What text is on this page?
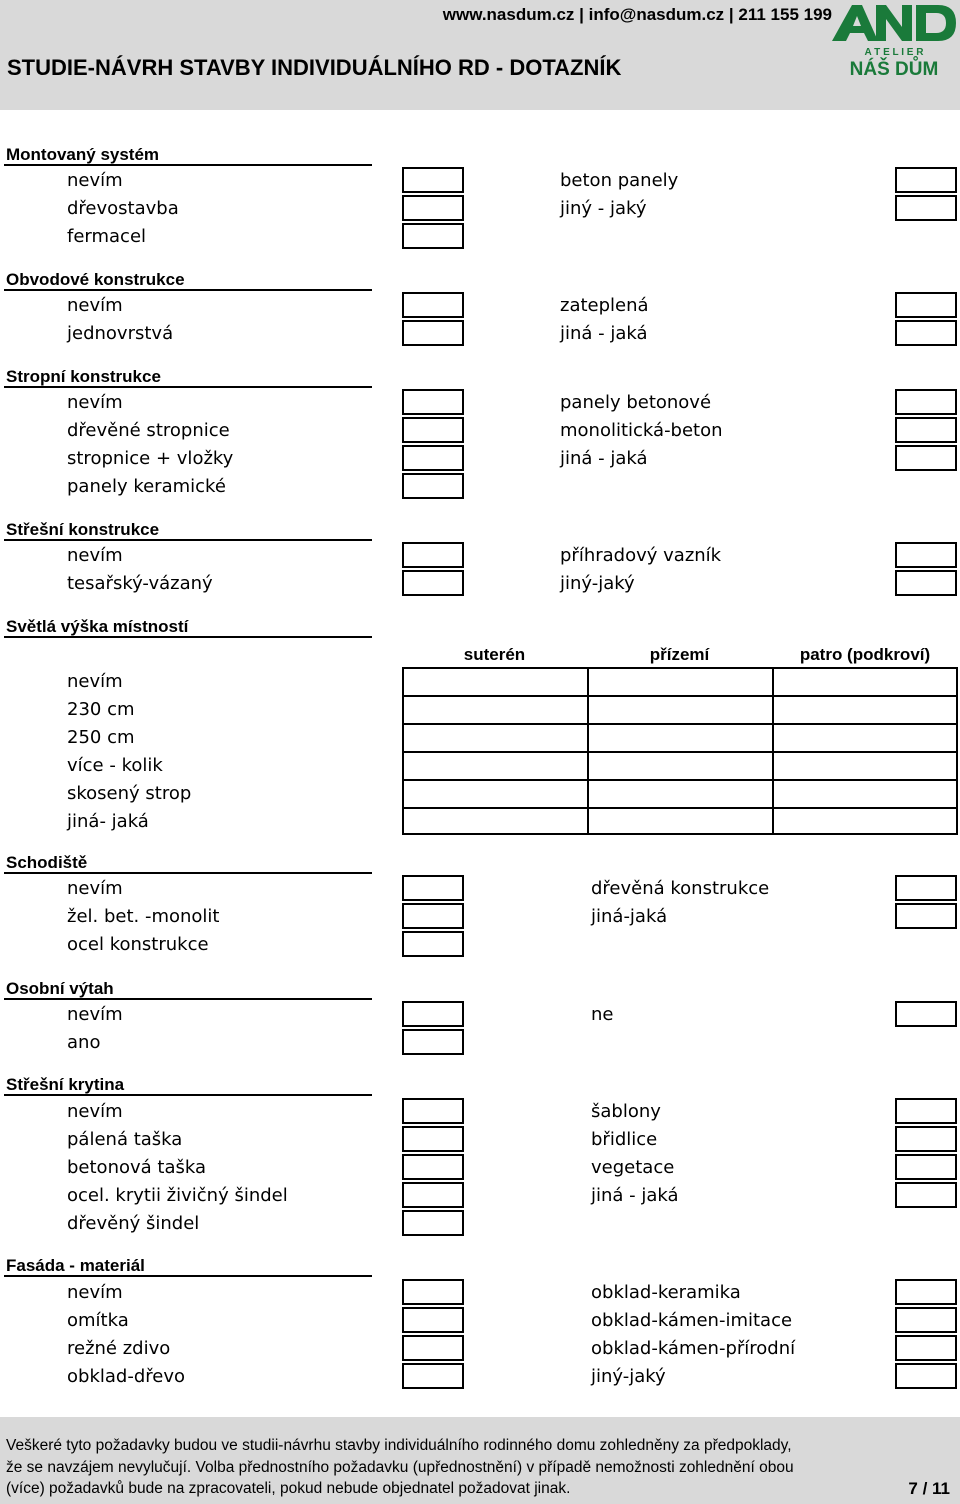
www.nasdum.cz | info@nasdum.cz | 211 155 199
STUDIE-NÁVRH STAVBY INDIVIDUÁLNÍHO RD - DOTAZNÍK
A T E L I E R
NÁŠ DŮM
Montovaný systém
nevím
dřevostavba
fermacel
beton panely
jiný - jaký
Obvodové konstrukce
nevím
jednovrstvá
zateplená
jiná - jaká
Stropní konstrukce
nevím
dřevěné stropnice
stropnice + vložky
panely keramické
panely betonové
monolitická-beton
jiná - jaká
Střešní konstrukce
nevím
tesařský-vázaný
příhradový vazník
jiný-jaký
Světlá výška místností
suterén	přízemí	patro (podkroví)
nevím
230 cm
250 cm
více - kolik
skosený strop
jiná- jaká
Schodiště
nevím
žel. bet. -monolit
ocel konstrukce
dřevěná konstrukce
jiná-jaká
Osobní výtah
nevím
ano
ne
Střešní krytina
nevím
pálená taška
betonová taška
ocel. krytii živičný šindel
dřevěný šindel
šablony
břidlice
vegetace
jiná - jaká
Fasáda - materiál
nevím
omítka
režné zdivo
obklad-dřevo
obklad-keramika
obklad-kámen-imitace
obklad-kámen-přírodní
jiný-jaký
Veškeré tyto požadavky budou ve studii-návrhu stavby individuálního rodinného domu zohledněny za předpoklady,
že se navzájem nevylučují. Volba přednostního požadavku (upřednostnění) v případě nemožnosti zohlednění obou
(více) požadavků bude na zpracovateli, pokud nebude objednatel požadovat jinak.	7 / 11
